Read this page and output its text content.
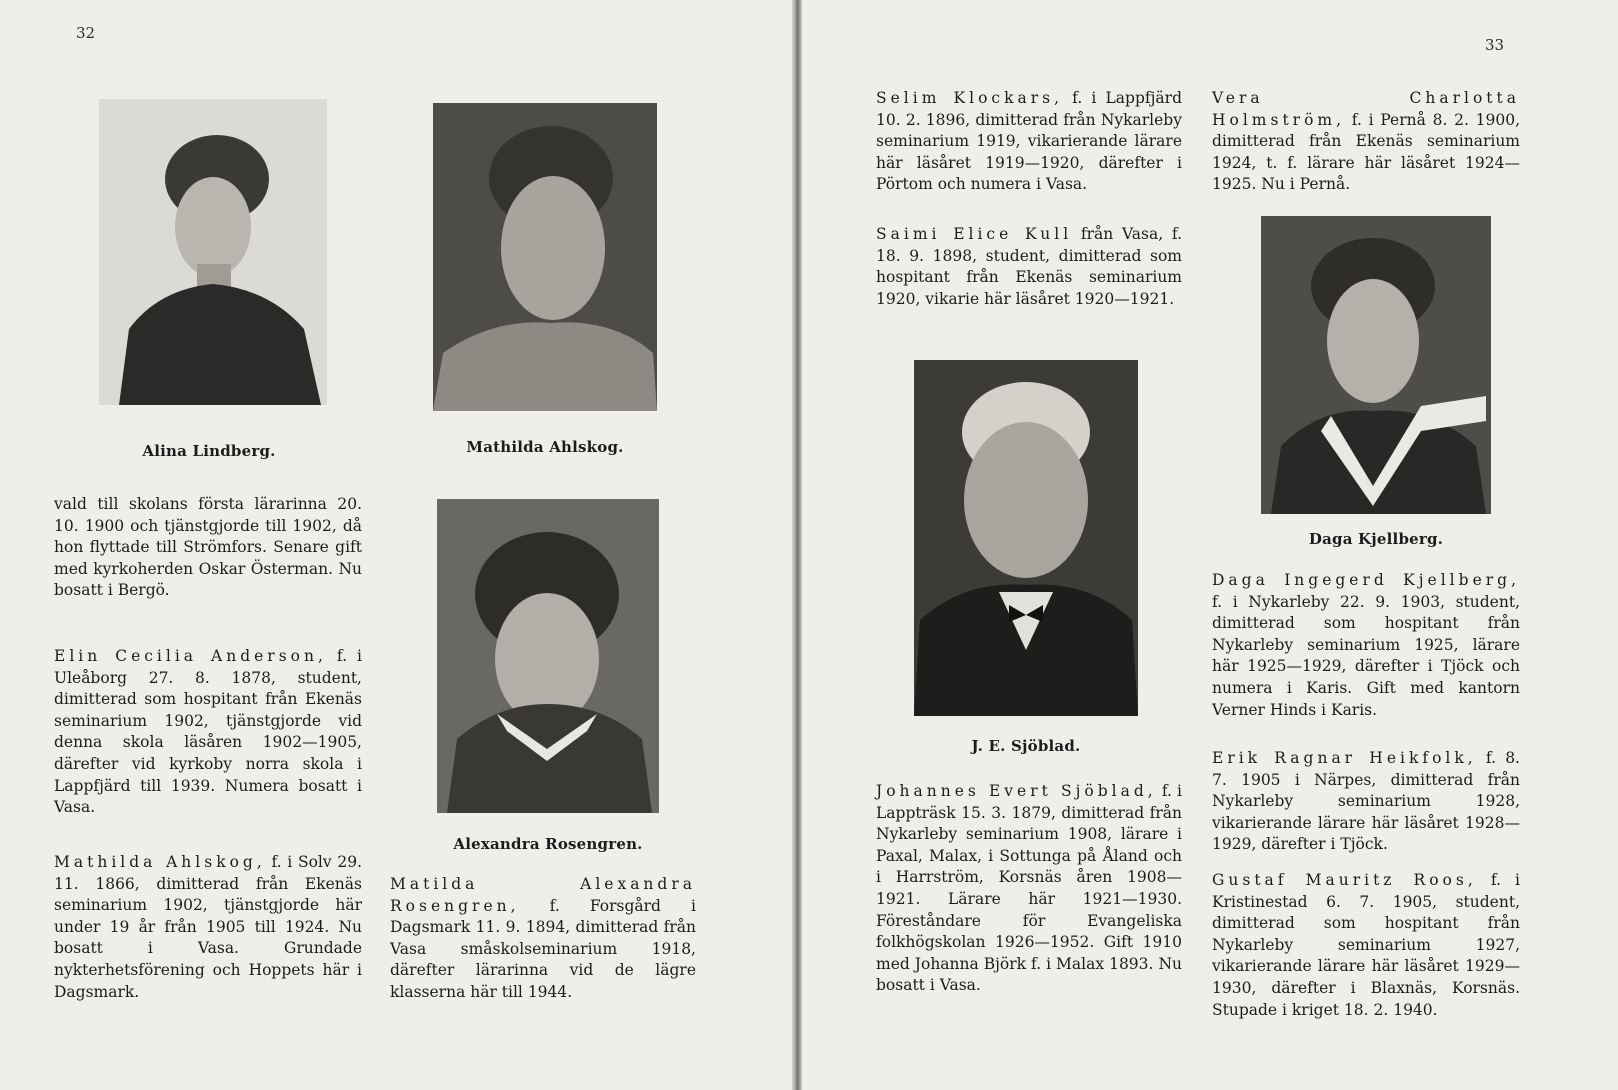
32
Alina Lindberg.	Mathilda Ahlskog.
Alexandra Rosengren.

vald till skolans första lärarinna 20. 10. 1900 och tjänstgjorde till 1902, då hon flyttade till Strömfors. Senare gift med kyrkoherden Oskar Österman. Nu bosatt i Bergö.

Elin Cecilia Anderson, f. i Uleåborg 27. 8. 1878, student, dimitterad som hospitant från Ekenäs seminarium 1902, tjänstgjorde vid denna skola läsåren 1902—1905, därefter vid kyrkoby norra skola i Lappfjärd till 1939. Numera bosatt i Vasa.

Mathilda Ahlskog, f. i Solv 29. 11. 1866, dimitterad från Ekenäs seminarium 1902, tjänstgjorde här under 19 år från 1905 till 1924. Nu bosatt i Vasa. Grundade nykterhetsförening och Hoppets här i Dagsmark.

Matilda Alexandra Rosengren, f. Forsgård i Dagsmark 11. 9. 1894, dimitterad från Vasa småskolseminarium 1918, därefter lärarinna vid de lägre klasserna här till 1944.

33

Selim Klockars, f. i Lappfjärd 10. 2. 1896, dimitterad från Nykarleby seminarium 1919, vikarierande lärare här läsåret 1919—1920, därefter i Pörtom och numera i Vasa.

Saimi Elice Kull från Vasa, f. 18. 9. 1898, student, dimitterad som hospitant från Ekenäs seminarium 1920, vikarie här läsåret 1920—1921.

J. E. Sjöblad.

Johannes Evert Sjöblad, f. i Lappträsk 15. 3. 1879, dimitterad från Nykarleby seminarium 1908, lärare i Paxal, Malax, i Sottunga på Åland och i Harrström, Korsnäs åren 1908—1921. Lärare här 1921—1930. Föreståndare för Evangeliska folkhögskolan 1926—1952. Gift 1910 med Johanna Björk f. i Malax 1893. Nu bosatt i Vasa.

Vera Charlotta Holmström, f. i Pernå 8. 2. 1900, dimitterad från Ekenäs seminarium 1924, t. f. lärare här läsåret 1924—1925. Nu i Pernå.

Daga Kjellberg.

Daga Ingegerd Kjellberg, f. i Nykarleby 22. 9. 1903, student, dimitterad som hospitant från Nykarleby seminarium 1925, lärare här 1925—1929, därefter i Tjöck och numera i Karis. Gift med kantorn Verner Hinds i Karis.

Erik Ragnar Heikfolk, f. 8. 7. 1905 i Närpes, dimitterad från Nykarleby seminarium 1928, vikarierande lärare här läsåret 1928—1929, därefter i Tjöck.

Gustaf Mauritz Roos, f. i Kristinestad 6. 7. 1905, student, dimitterad som hospitant från Nykarleby seminarium 1927, vikarierande lärare här läsåret 1929—1930, därefter i Blaxnäs, Korsnäs. Stupade i kriget 18. 2. 1940.
